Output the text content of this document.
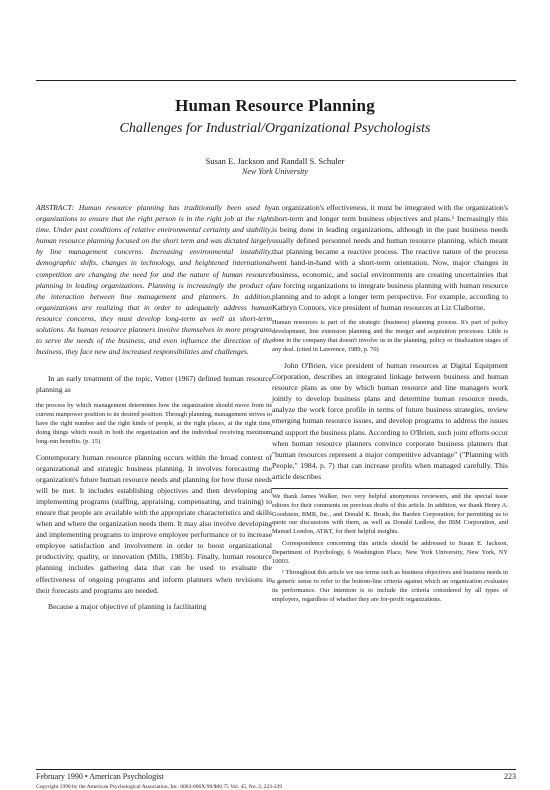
Human Resource Planning
Challenges for Industrial/Organizational Psychologists
Susan E. Jackson and Randall S. Schuler
New York University

ABSTRACT: Human resource planning has traditionally been used by organizations to ensure that the right person is in the right job at the right time. Under past conditions of relative environmental certainty and stability, human resource planning focused on the short term and was dictated largely by line management concerns. Increasing environmental instability, demographic shifts, changes in technology, and heightened international competition are changing the need for and the nature of human resource planning in leading organizations. Planning is increasingly the product of the interaction between line management and planners. In addition, organizations are realizing that in order to adequately address human resource concerns, they must develop long-term as well as short-term solutions. As human resource planners involve themselves in more programs to serve the needs of the business, and even influence the direction of the business, they face new and increased responsibilities and challenges.

In an early treatment of the topic, Vetter (1967) defined human resource planning as

the process by which management determines how the organization should move from its current manpower position to its desired position. Through planning, management strives to have the right number and the right kinds of people, at the right places, at the right time, doing things which result in both the organization and the individual receiving maximum long-run benefits. (p. 15)

Contemporary human resource planning occurs within the broad context of organizational and strategic business planning. It involves forecasting the organization's future human resource needs and planning for how those needs will be met. It includes establishing objectives and then developing and implementing programs (staffing, appraising, compensating, and training) to ensure that people are available with the appropriate characteristics and skills when and where the organization needs them. It may also involve developing and implementing programs to improve employee performance or to increase employee satisfaction and involvement in order to boost organizational productivity, quality, or innovation (Mills, 1985b). Finally, human resource planning includes gathering data that can be used to evaluate the effectiveness of ongoing programs and inform planners when revisions in their forecasts and programs are needed.

Because a major objective of planning is facilitating

an organization's effectiveness, it must be integrated with the organization's short-term and longer term business objectives and plans.¹ Increasingly this is being done in leading organizations, although in the past business needs usually defined personnel needs and human resource planning, which meant that planning became a reactive process. The reactive nature of the process went hand-in-hand with a short-term orientation. Now, major changes in business, economic, and social environments are creating uncertainties that are forcing organizations to integrate business planning with human resource planning and to adopt a longer term perspective. For example, according to Kathryn Connors, vice president of human resources at Liz Claiborne,

Human resources is part of the strategic (business) planning process. It's part of policy development, line extension planning and the merger and acquisition processes. Little is done in the company that doesn't involve us in the planning, policy or finalization stages of any deal. (cited in Lawrence, 1989, p. 70)

John O'Brien, vice president of human resources at Digital Equipment Corporation, describes an integrated linkage between business and human resource plans as one by which human resource and line managers work jointly to develop business plans and determine human resource needs, analyze the work force profile in terms of future business strategies, review emerging human resource issues, and develop programs to address the issues and support the business plans. According to O'Brien, such joint efforts occur when human resource planners convince corporate business planners that "human resources represent a major competitive advantage" ("Planning with People," 1984, p. 7) that can increase profits when managed carefully. This article describes

We thank James Walker, two very helpful anonymous reviewers, and the special issue editors for their comments on previous drafts of this article. In addition, we thank Henry A. Goodstein, BMR, Inc., and Donald K. Brush, the Barden Corporation, for permitting us to quote our discussions with them, as well as Donald Ludlow, the IBM Corporation, and Manuel London, AT&T, for their helpful insights.

Correspondence concerning this article should be addressed to Susan E. Jackson, Department of Psychology, 6 Washington Place, New York University, New York, NY 10003.

¹ Throughout this article we use terms such as business objectives and business needs in a generic sense to refer to the bottom-line criteria against which an organization evaluates its performance. Our intention is to include the criteria considered by all types of employers, regardless of whether they are for-profit organizations.

February 1990 • American Psychologist	223
Copyright 1990 by the American Psychological Association, Inc. 0003-066X/90/$00.75 Vol. 45, No. 2, 223-239
